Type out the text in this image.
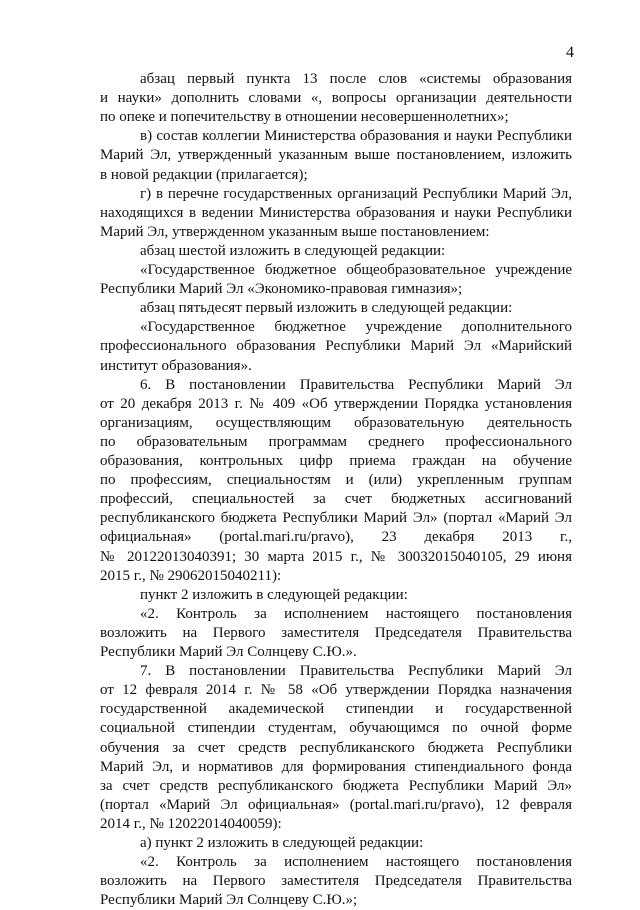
4
абзац первый пункта 13 после слов «системы образования
и науки» дополнить словами «, вопросы организации деятельности
по опеке и попечительству в отношении несовершеннолетних»;
в) состав коллегии Министерства образования и науки Республики
Марий Эл, утвержденный указанным выше постановлением, изложить
в новой редакции (прилагается);
г) в перечне государственных организаций Республики Марий Эл,
находящихся в ведении Министерства образования и науки Республики
Марий Эл, утвержденном указанным выше постановлением:
абзац шестой изложить в следующей редакции:
«Государственное бюджетное общеобразовательное учреждение
Республики Марий Эл «Экономико-правовая гимназия»;
абзац пятьдесят первый изложить в следующей редакции:
«Государственное бюджетное учреждение дополнительного
профессионального образования Республики Марий Эл «Марийский
институт образования».
6. В постановлении Правительства Республики Марий Эл
от 20 декабря 2013 г. № 409 «Об утверждении Порядка установления
организациям, осуществляющим образовательную деятельность
по образовательным программам среднего профессионального
образования, контрольных цифр приема граждан на обучение
по профессиям, специальностям и (или) укрепленным группам
профессий, специальностей за счет бюджетных ассигнований
республиканского бюджета Республики Марий Эл» (портал «Марий Эл
официальная» (portal.mari.ru/pravo), 23 декабря 2013 г.,
№ 20122013040391; 30 марта 2015 г., № 30032015040105, 29 июня
2015 г., № 29062015040211):
пункт 2 изложить в следующей редакции:
«2. Контроль за исполнением настоящего постановления
возложить на Первого заместителя Председателя Правительства
Республики Марий Эл Солнцеву С.Ю.».
7. В постановлении Правительства Республики Марий Эл
от 12 февраля 2014 г. № 58 «Об утверждении Порядка назначения
государственной академической стипендии и государственной
социальной стипендии студентам, обучающимся по очной форме
обучения за счет средств республиканского бюджета Республики
Марий Эл, и нормативов для формирования стипендиального фонда
за счет средств республиканского бюджета Республики Марий Эл»
(портал «Марий Эл официальная» (portal.mari.ru/pravo), 12 февраля
2014 г., № 12022014040059):
а) пункт 2 изложить в следующей редакции:
«2. Контроль за исполнением настоящего постановления
возложить на Первого заместителя Председателя Правительства
Республики Марий Эл Солнцеву С.Ю.»;
